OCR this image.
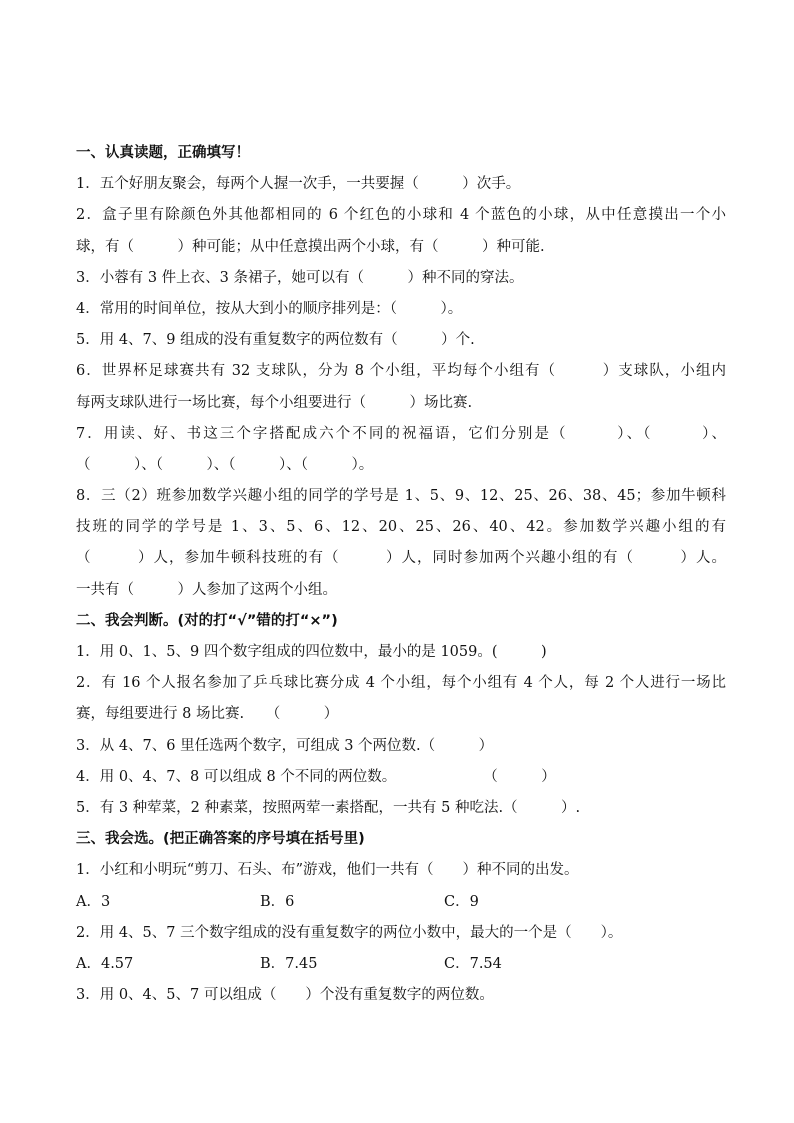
一、认真读题，正确填写！
1．五个好朋友聚会，每两个人握一次手，一共要握（　　　）次手。
2．盒子里有除颜色外其他都相同的 6 个红色的小球和 4 个蓝色的小球，从中任意摸出一个小
球，有（　　　）种可能；从中任意摸出两个小球，有（　　　）种可能.
3．小蓉有 3 件上衣、3 条裙子，她可以有（　　　）种不同的穿法。
4．常用的时间单位，按从大到小的顺序排列是：（　　　）。
5．用 4、7、9 组成的没有重复数字的两位数有（　　　）个.
6．世界杯足球赛共有 32 支球队，分为 8 个小组，平均每个小组有（　　　）支球队，小组内
每两支球队进行一场比赛，每个小组要进行（　　　）场比赛.
7．用读、好、书这三个字搭配成六个不同的祝福语，它们分别是（　　　）、（　　　）、
（　　　）、（　　　）、（　　　）、（　　　）。
8．三（2）班参加数学兴趣小组的同学的学号是 1、5、9、12、25、26、38、45；参加牛顿科
技班的同学的学号是 1、3、5、6、12、20、25、26、40、42。参加数学兴趣小组的有
（　　　）人，参加牛顿科技班的有（　　　）人，同时参加两个兴趣小组的有（　　　）人。
一共有（　　　）人参加了这两个小组。
二、我会判断。(对的打“√”错的打“×”)
1．用 0、1、5、9 四个数字组成的四位数中，最小的是 1059。(　　　)
2．有 16 个人报名参加了乒乓球比赛分成 4 个小组，每个小组有 4 个人，每 2 个人进行一场比
赛，每组要进行 8 场比赛.　　（　　　）
3．从 4、7、6 里任选两个数字，可组成 3 个两位数.（　　　）
4．用 0、4、7、8 可以组成 8 个不同的两位数。　　　　　　　（　　　）
5．有 3 种荤菜，2 种素菜，按照两荤一素搭配，一共有 5 种吃法.（　　　）.
三、我会选。(把正确答案的序号填在括号里)
1．小红和小明玩“剪刀、石头、布”游戏，他们一共有（　　）种不同的出发。
A．3	B．6	C．9
2．用 4、5、7 三个数字组成的没有重复数字的两位小数中，最大的一个是（　　）。
A．4.57	B．7.45	C．7.54
3．用 0、4、5、7 可以组成（　　）个没有重复数字的两位数。
